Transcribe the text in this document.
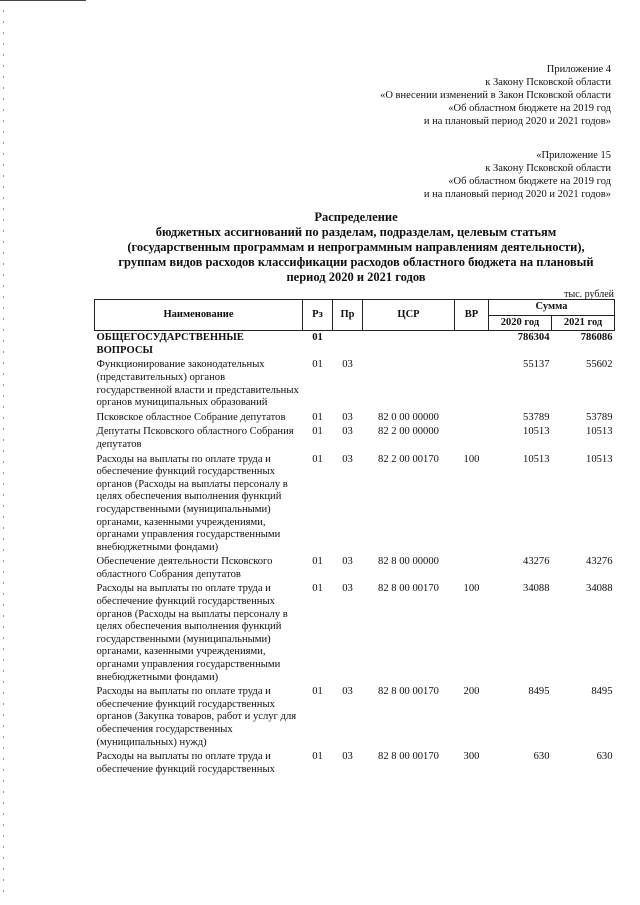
Приложение 4
к Закону Псковской области
«О внесении изменений в Закон Псковской области
«Об областном бюджете на 2019 год
и на плановый период 2020 и 2021 годов»
«Приложение 15
к Закону Псковской области
«Об областном бюджете на 2019 год
и на плановый период 2020 и 2021 годов»
Распределение
бюджетных ассигнований по разделам, подразделам, целевым статьям
(государственным программам и непрограммным направлениям деятельности),
группам видов расходов классификации расходов областного бюджета на плановый
период 2020 и 2021 годов
тыс. рублей
Наименование	Рз	Пр	ЦСР	ВР	Сумма	
					2020 год	2021 год

ОБЩЕГОСУДАРСТВЕННЫЕ ВОПРОСЫ	01				786304	786086
Функционирование законодательных (представительных) органов государственной власти и представительных органов муниципальных образований	01	03			55137	55602
Псковское областное Собрание депутатов	01	03	82 0 00 00000		53789	53789
Депутаты Псковского областного Собрания депутатов	01	03	82 2 00 00000		10513	10513
Расходы на выплаты по оплате труда и обеспечение функций государственных органов (Расходы на выплаты персоналу в целях обеспечения выполнения функций государственными (муниципальными) органами, казенными учреждениями, органами управления государственными внебюджетными фондами)	01	03	82 2 00 00170	100	10513	10513
Обеспечение деятельности Псковского областного Собрания депутатов	01	03	82 8 00 00000		43276	43276
Расходы на выплаты по оплате труда и обеспечение функций государственных органов (Расходы на выплаты персоналу в целях обеспечения выполнения функций государственными (муниципальными) органами, казенными учреждениями, органами управления государственными внебюджетными фондами)	01	03	82 8 00 00170	100	34088	34088
Расходы на выплаты по оплате труда и обеспечение функций государственных органов (Закупка товаров, работ и услуг для обеспечения государственных (муниципальных) нужд)	01	03	82 8 00 00170	200	8495	8495
Расходы на выплаты по оплате труда и обеспечение функций государственных	01	03	82 8 00 00170	300	630	630
